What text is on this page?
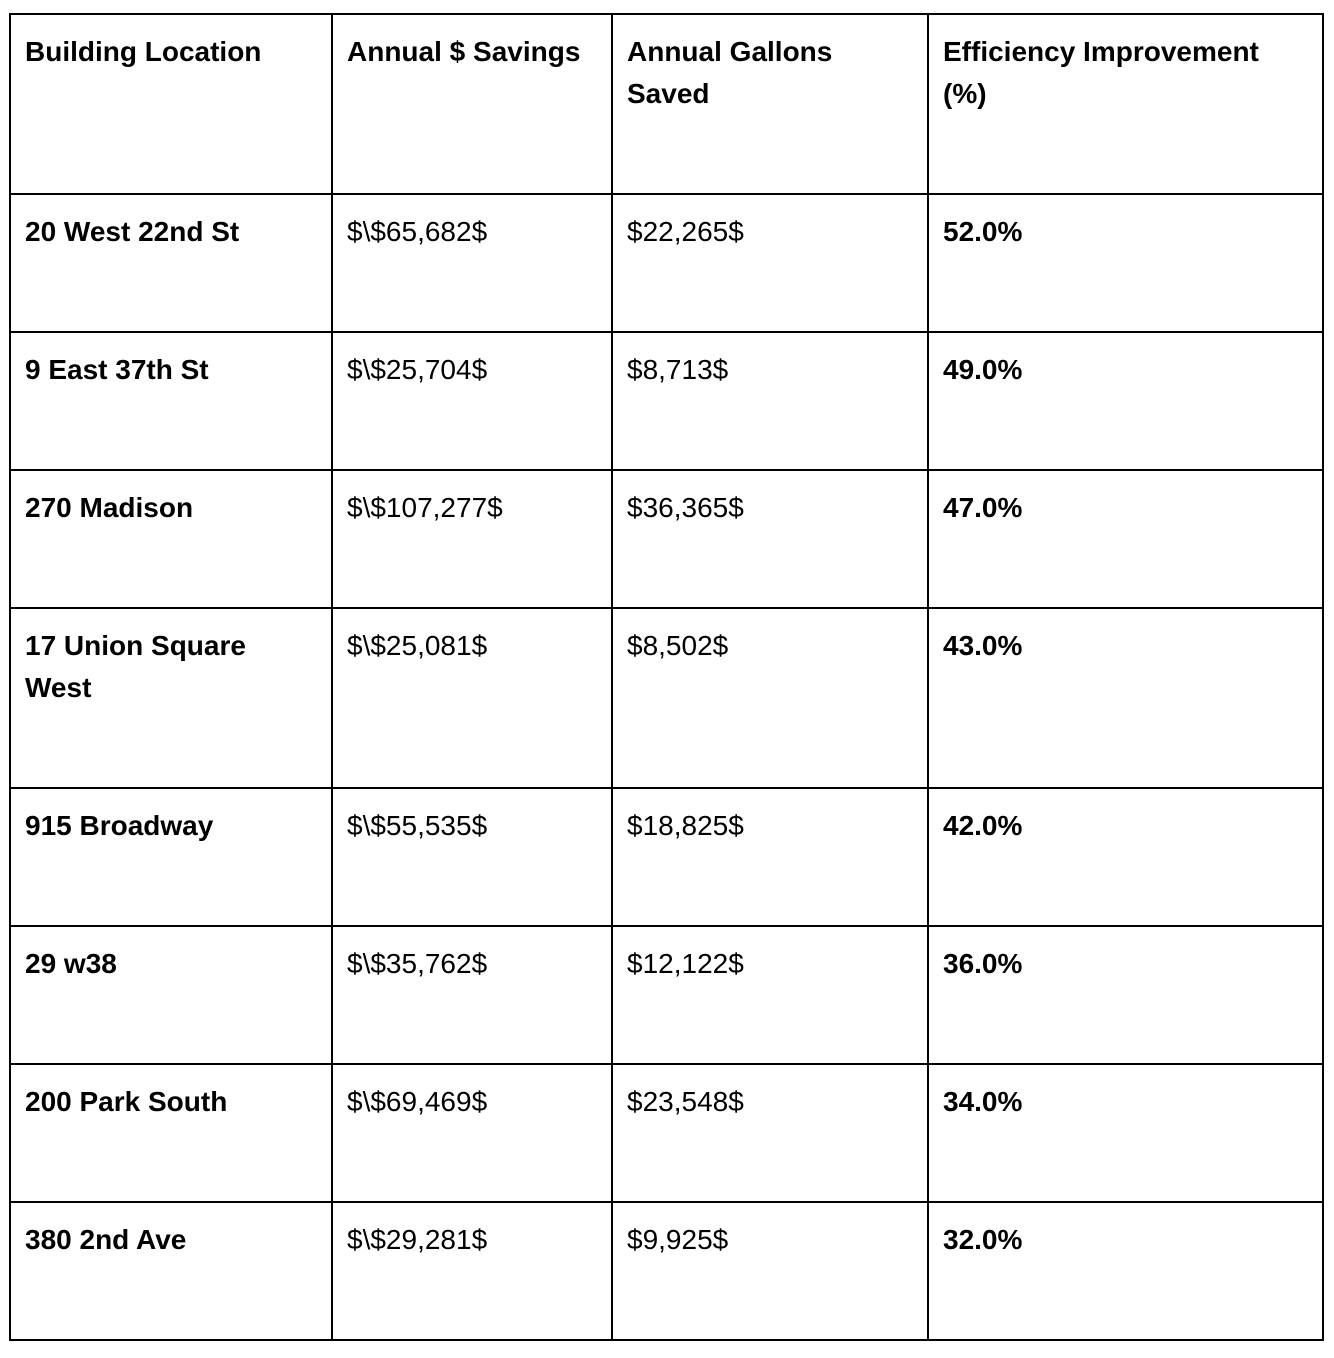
Building Location	Annual $ Savings	Annual Gallons Saved	Efficiency Improvement (%)
20 West 22nd St	$\$65,682$	$22,265$	52.0%
9 East 37th St	$\$25,704$	$8,713$	49.0%
270 Madison	$\$107,277$	$36,365$	47.0%
17 Union Square West	$\$25,081$	$8,502$	43.0%
915 Broadway	$\$55,535$	$18,825$	42.0%
29 w38	$\$35,762$	$12,122$	36.0%
200 Park South	$\$69,469$	$23,548$	34.0%
380 2nd Ave	$\$29,281$	$9,925$	32.0%
